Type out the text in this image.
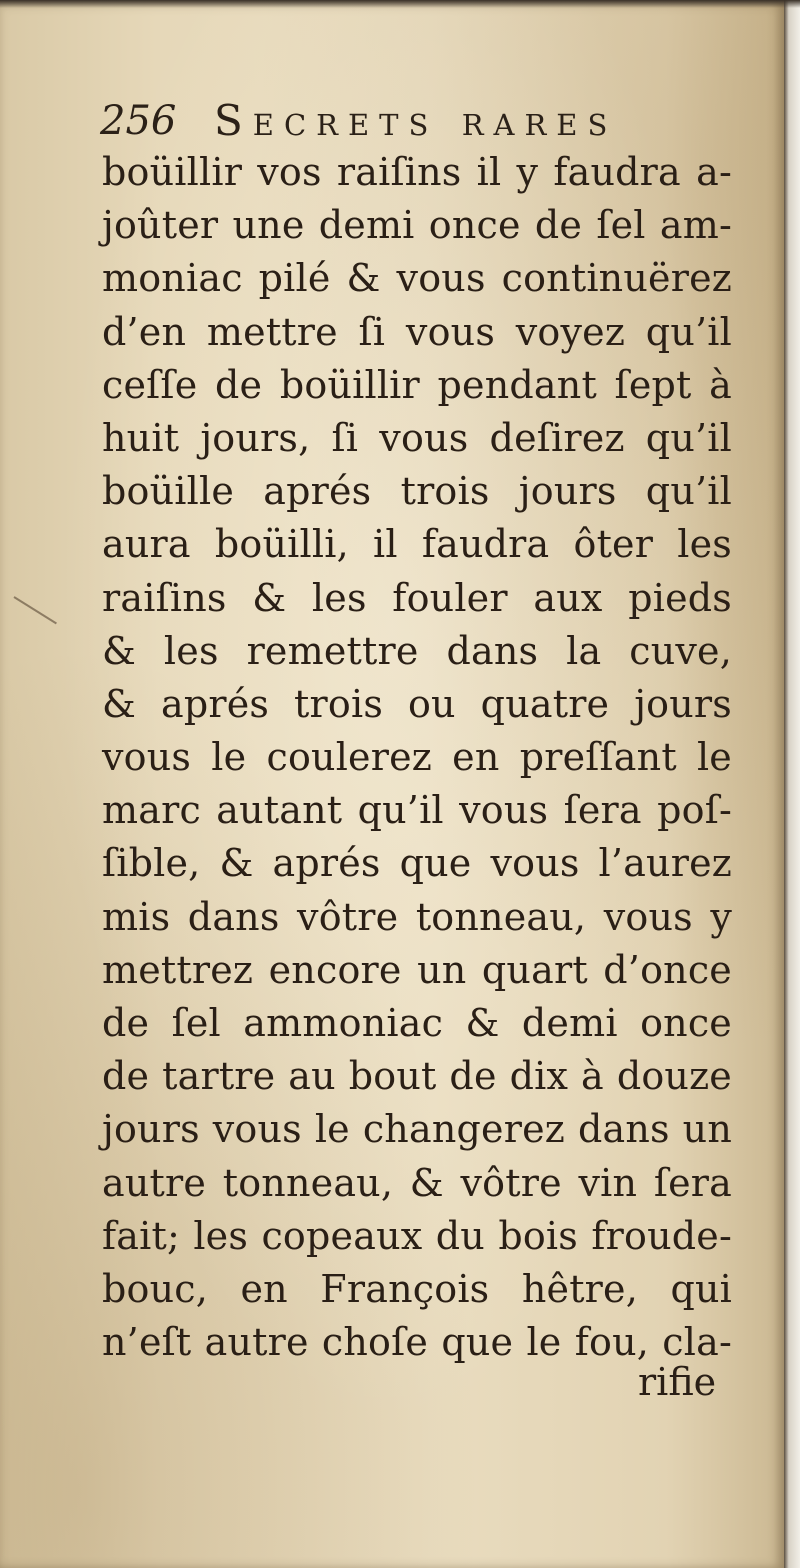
256 Secrets rares
boüillir vos raiſins il y faudra a-
joûter une demi once de ſel am-
moniac pilé & vous continuërez
d’en mettre ſi vous voyez qu’il
ceſſe de boüillir pendant ſept à
huit jours, ſi vous deſirez qu’il
boüille aprés trois jours qu’il
aura boüilli, il faudra ôter les
raiſins & les fouler aux pieds
& les remettre dans la cuve,
& aprés trois ou quatre jours
vous le coulerez en preſſant le
marc autant qu’il vous ſera poſ-
ſible, & aprés que vous l’aurez
mis dans vôtre tonneau, vous y
mettrez encore un quart d’once
de ſel ammoniac & demi once
de tartre au bout de dix à douze
jours vous le changerez dans un
autre tonneau, & vôtre vin ſera
fait; les copeaux du bois froude-
bouc, en François hêtre, qui
n’eſt autre choſe que le fou, cla-
rifie
